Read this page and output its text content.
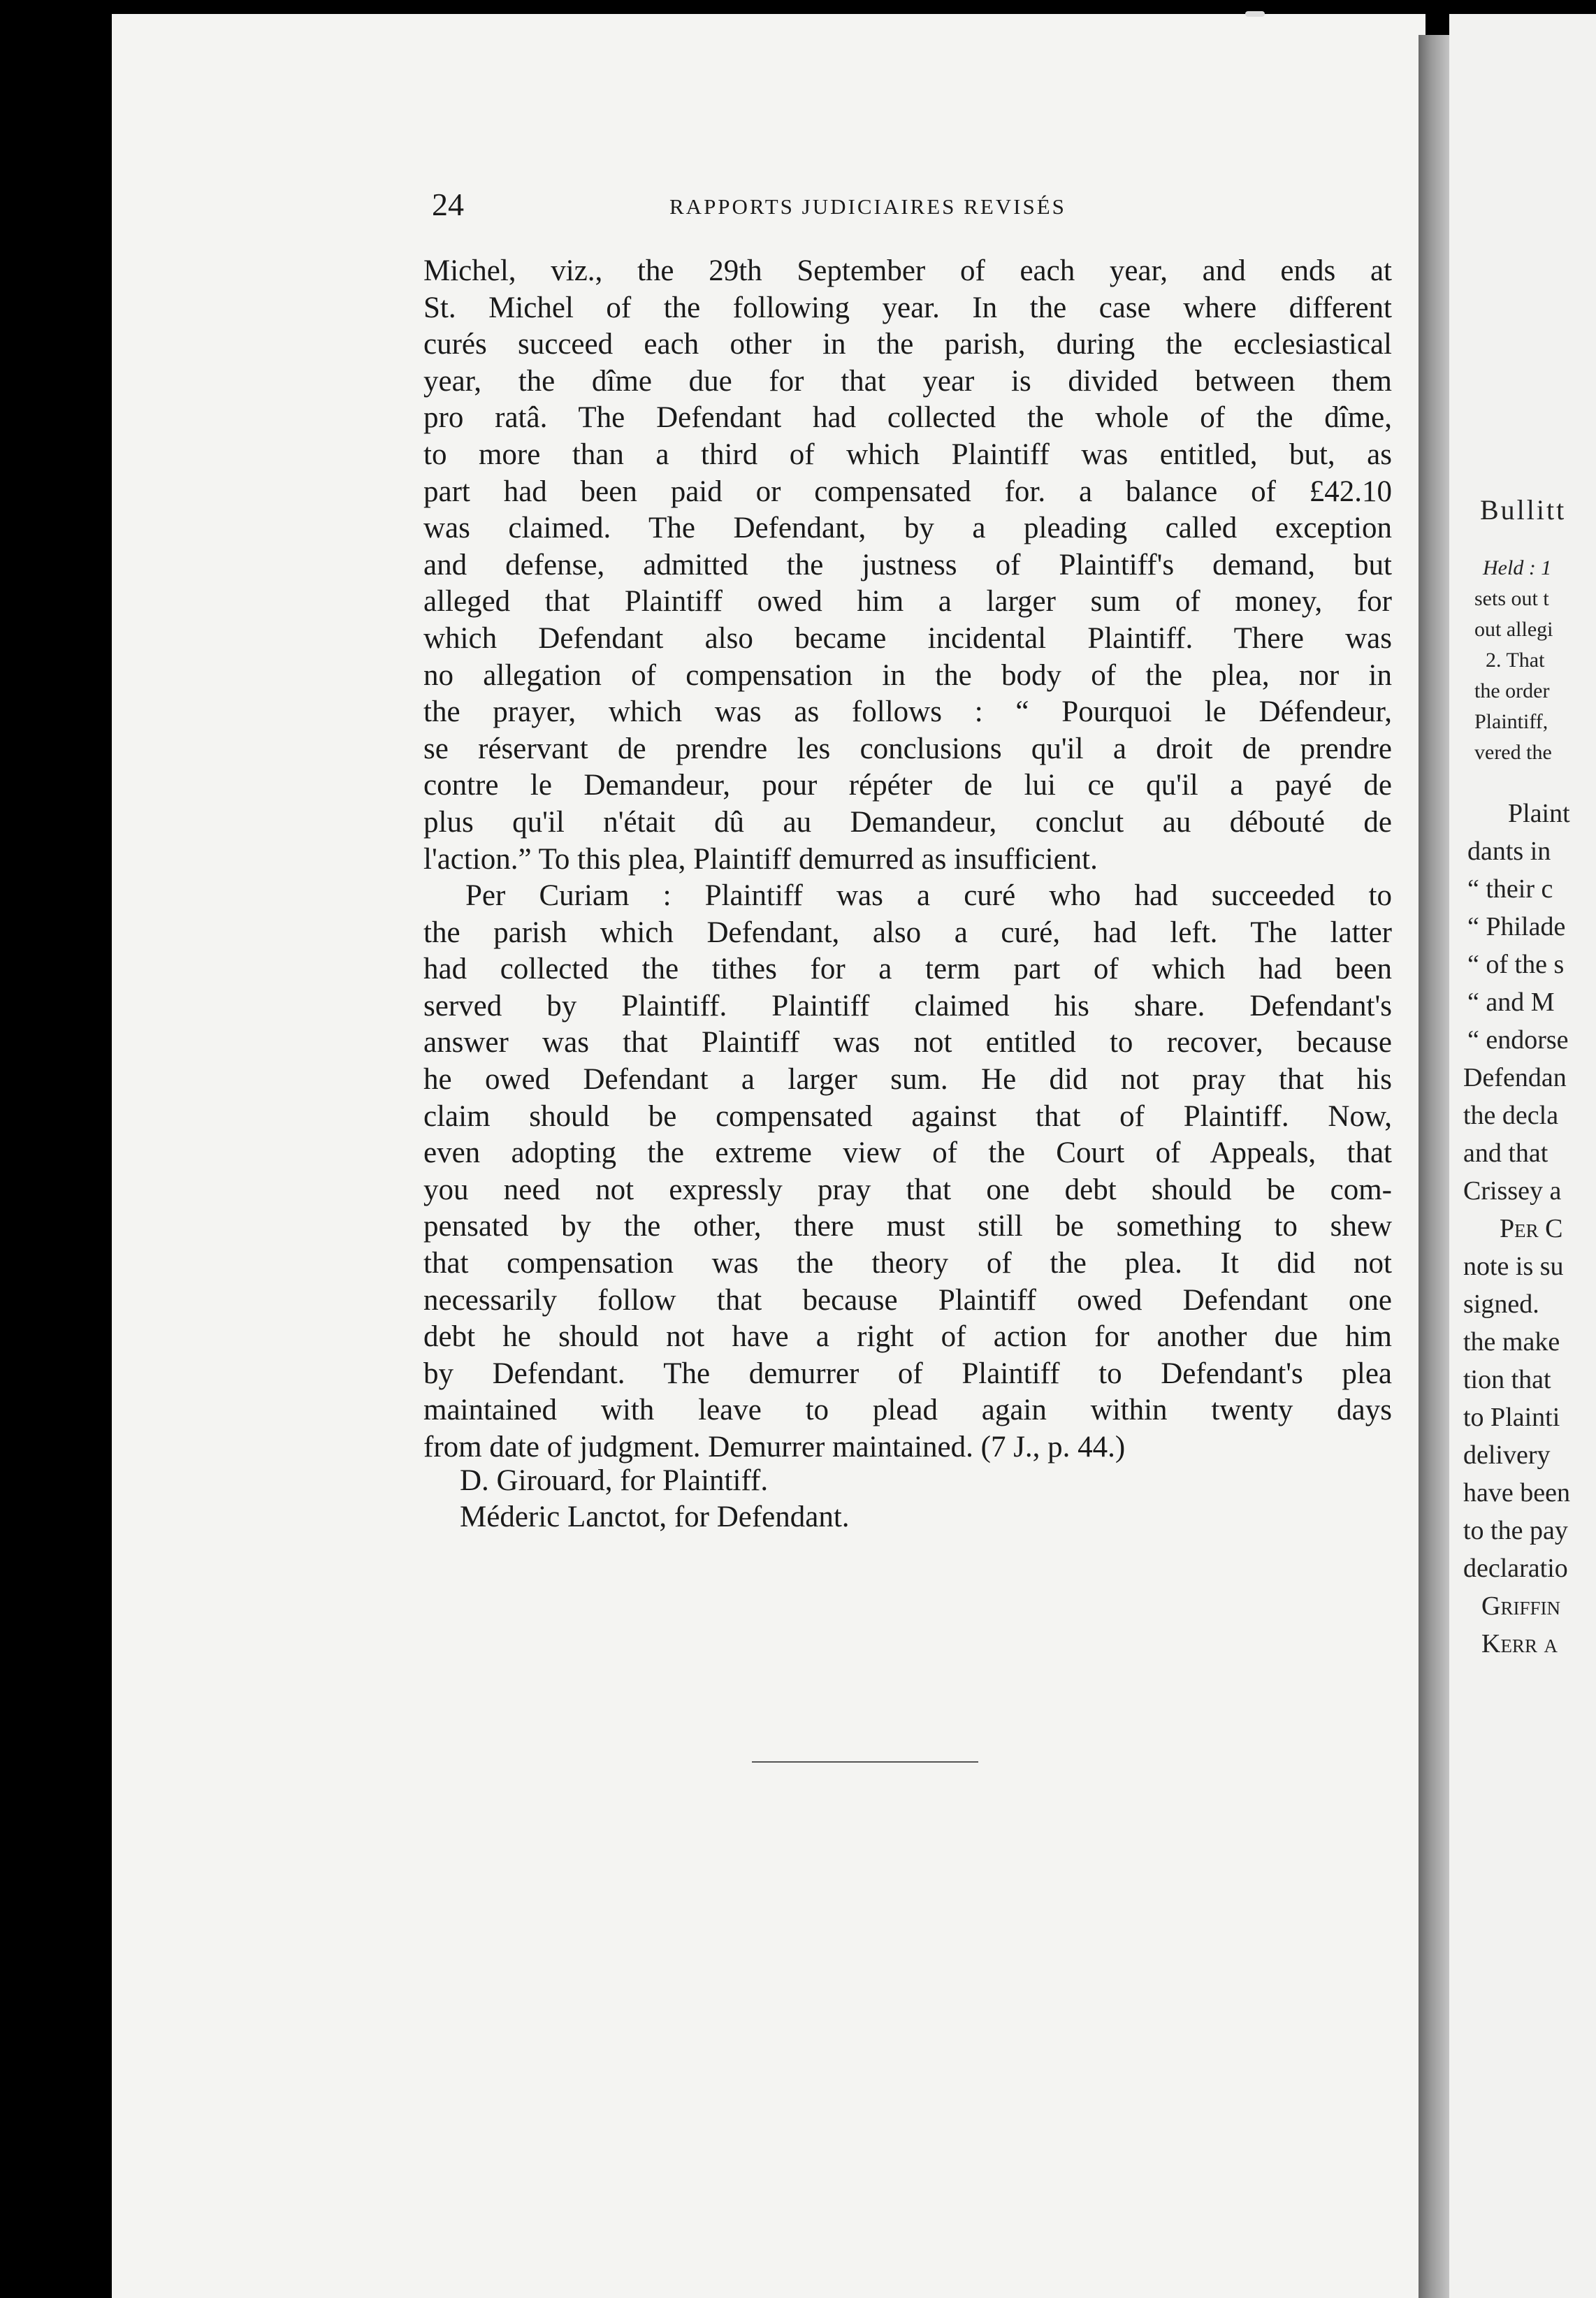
24	RAPPORTS JUDICIAIRES REVISÉS
Michel, viz., the 29th September of each year, and ends at
St. Michel of the following year. In the case where different
curés succeed each other in the parish, during the ecclesiastical
year, the dîme due for that year is divided between them
pro ratâ. The Defendant had collected the whole of the dîme,
to more than a third of which Plaintiff was entitled, but, as
part had been paid or compensated for. a balance of £42.10
was claimed. The Defendant, by a pleading called exception
and defense, admitted the justness of Plaintiff's demand, but
alleged that Plaintiff owed him a larger sum of money, for
which Defendant also became incidental Plaintiff. There was
no allegation of compensation in the body of the plea, nor in
the prayer, which was as follows : “ Pourquoi le Défendeur,
se réservant de prendre les conclusions qu'il a droit de prendre
contre le Demandeur, pour répéter de lui ce qu'il a payé de
plus qu'il n'était dû au Demandeur, conclut au débouté de
l'action.” To this plea, Plaintiff demurred as insufficient.
Per Curiam : Plaintiff was a curé who had succeeded to
the parish which Defendant, also a curé, had left. The latter
had collected the tithes for a term part of which had been
served by Plaintiff. Plaintiff claimed his share. Defendant's
answer was that Plaintiff was not entitled to recover, because
he owed Defendant a larger sum. He did not pray that his
claim should be compensated against that of Plaintiff. Now,
even adopting the extreme view of the Court of Appeals, that
you need not expressly pray that one debt should be com-
pensated by the other, there must still be something to shew
that compensation was the theory of the plea. It did not
necessarily follow that because Plaintiff owed Defendant one
debt he should not have a right of action for another due him
by Defendant. The demurrer of Plaintiff to Defendant's plea
maintained with leave to plead again within twenty days
from date of judgment. Demurrer maintained. (7 J., p. 44.)
D. Girouard, for Plaintiff.
Méderic Lanctot, for Defendant.
Bullitt
Held : 1
sets out t
out allegi
2. That
the order
Plaintiff,
vered the
Plaint
dants in
“ their c
“ Philade
“ of the s
“ and M
“ endorse
Defendan
the decla
and that
Crissey a
Per C
note is su
signed.
the make
tion that
to Plainti
delivery
have been
to the pay
declaratio
Griffin
Kerr a
